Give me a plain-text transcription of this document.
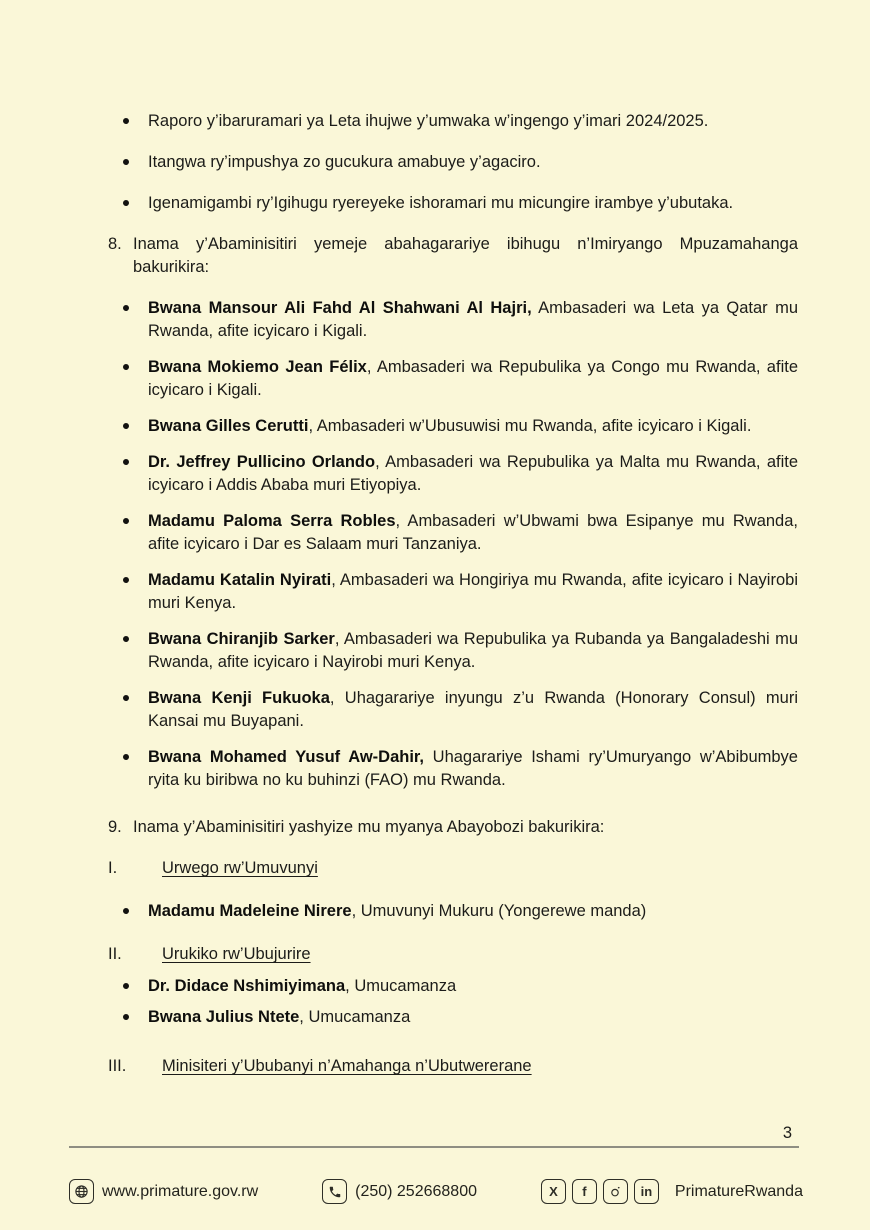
Raporo y’ibaruramari ya Leta ihujwe y’umwaka w’ingengo y’imari 2024/2025.
Itangwa ry’impushya zo gucukura amabuye y’agaciro.
Igenamigambi ry’Igihugu ryereyeke ishoramari mu micungire irambye y’ubutaka.
8. Inama y’Abaminisitiri yemeje abahagarariye ibihugu n’Imiryango Mpuzamahanga bakurikira:
Bwana Mansour Ali Fahd Al Shahwani Al Hajri, Ambasaderi wa Leta ya Qatar mu Rwanda, afite icyicaro i Kigali.
Bwana Mokiemo Jean Félix, Ambasaderi wa Repubulika ya Congo mu Rwanda, afite icyicaro i Kigali.
Bwana Gilles Cerutti, Ambasaderi w’Ubusuwisi mu Rwanda, afite icyicaro i Kigali.
Dr. Jeffrey Pullicino Orlando, Ambasaderi wa Repubulika ya Malta mu Rwanda, afite icyicaro i Addis Ababa muri Etiyopiya.
Madamu Paloma Serra Robles, Ambasaderi w’Ubwami bwa Esipanye mu Rwanda, afite icyicaro i Dar es Salaam muri Tanzaniya.
Madamu Katalin Nyirati, Ambasaderi wa Hongiriya mu Rwanda, afite icyicaro i Nayirobi muri Kenya.
Bwana Chiranjib Sarker, Ambasaderi wa Repubulika ya Rubanda ya Bangaladeshi mu Rwanda, afite icyicaro i Nayirobi muri Kenya.
Bwana Kenji Fukuoka, Uhagarariye inyungu z’u Rwanda (Honorary Consul) muri Kansai mu Buyapani.
Bwana Mohamed Yusuf Aw-Dahir, Uhagarariye Ishami ry’Umuryango w’Abibumbye ryita ku biribwa no ku buhinzi (FAO) mu Rwanda.
9. Inama y’Abaminisitiri yashyize mu myanya Abayobozi bakurikira:
I.	Urwego rw’Umuvunyi
Madamu Madeleine Nirere, Umuvunyi Mukuru (Yongerewe manda)
II.	Urukiko rw’Ubujurire
Dr. Didace Nshimiyimana, Umucamanza
Bwana Julius Ntete, Umucamanza
III.	Minisiteri y’Ububanyi n’Amahanga n’Ubutwererane
3
www.primature.gov.rw	(250) 252668800	X f	in PrimatureRwanda
